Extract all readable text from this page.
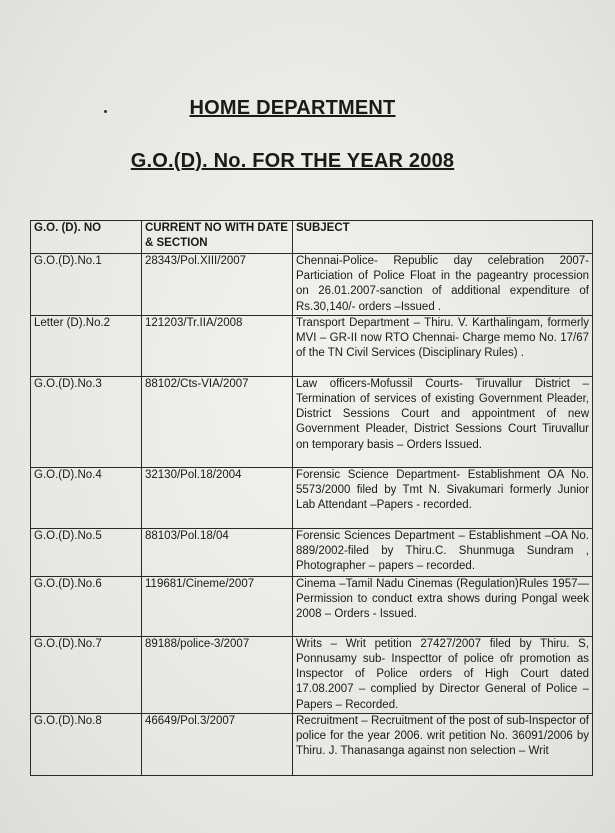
HOME DEPARTMENT
G.O.(D). No. FOR THE YEAR 2008
G.O. (D). NO	CURRENT NO WITH DATE & SECTION	SUBJECT
G.O.(D).No.1	28343/Pol.XIII/2007	Chennai-Police- Republic day celebration 2007-Particiation of Police Float in the pageantry procession on 26.01.2007-sanction of additional expenditure of Rs.30,140/- orders –Issued .
Letter (D).No.2	121203/Tr.IIA/2008	Transport Department – Thiru. V. Karthalingam, formerly MVI – GR-II now RTO Chennai- Charge memo No. 17/67 of the TN Civil Services (Disciplinary Rules) .
G.O.(D).No.3	88102/Cts-VIA/2007	Law officers-Mofussil Courts- Tiruvallur District – Termination of services of existing Government Pleader, District Sessions Court and appointment of new Government Pleader, District Sessions Court Tiruvallur on temporary basis – Orders Issued.
G.O.(D).No.4	32130/Pol.18/2004	Forensic Science Department- Establishment OA No. 5573/2000 filed by Tmt N. Sivakumari formerly Junior Lab Attendant –Papers - recorded.
G.O.(D).No.5	88103/Pol.18/04	Forensic Sciences Department – Establishment –OA No. 889/2002-filed by Thiru.C. Shunmuga Sundram , Photographer – papers – recorded.
G.O.(D).No.6	119681/Cineme/2007	Cinema –Tamil Nadu Cinemas (Regulation)Rules 1957—Permission to conduct extra shows during Pongal week 2008 – Orders - Issued.
G.O.(D).No.7	89188/police-3/2007	Writs – Writ petition 27427/2007 filed by Thiru. S, Ponnusamy sub- Inspecttor of police ofr promotion as Inspector of Police orders of High Court dated 17.08.2007 – complied by Director General of Police – Papers – Recorded.
G.O.(D).No.8	46649/Pol.3/2007	Recruitment – Recruitment of the post of sub-Inspector of police for the year 2006. writ petition No. 36091/2006 by Thiru. J. Thanasanga against non selection – Writ
